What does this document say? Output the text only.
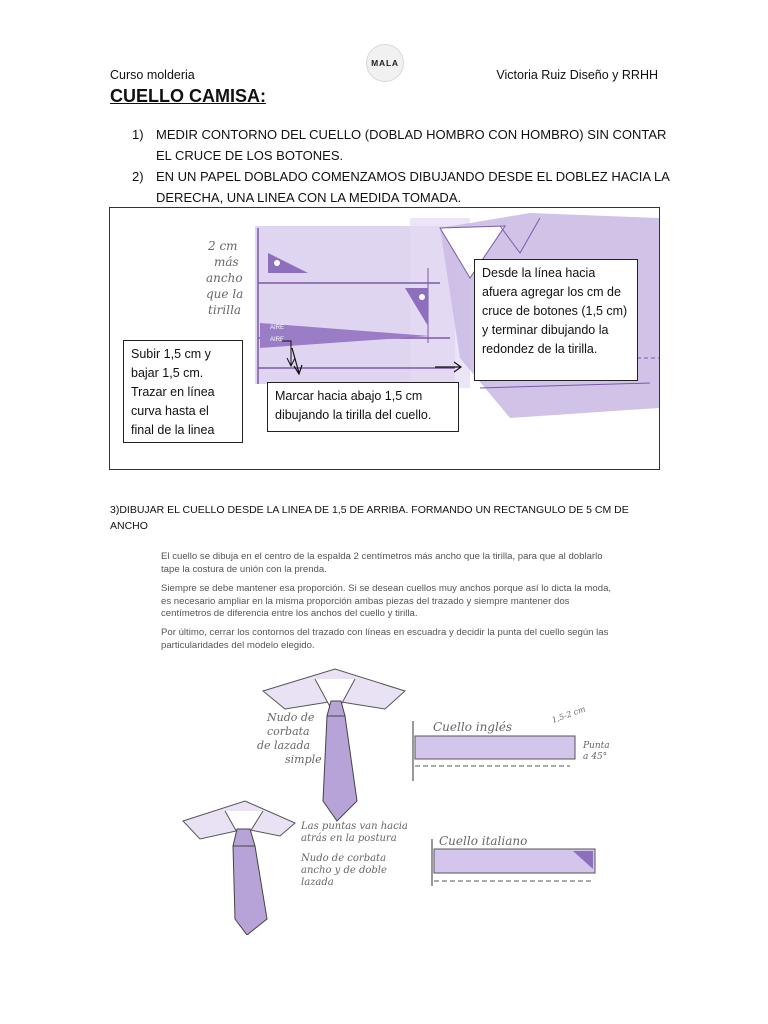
Curso molderia
MALA
Victoria Ruiz Diseño y RRHH
CUELLO CAMISA:
1) MEDIR CONTORNO DEL CUELLO (DOBLAD HOMBRO CON HOMBRO) SIN CONTAR EL CRUCE DE LOS BOTONES.
2) EN UN PAPEL DOBLADO COMENZAMOS DIBUJANDO DESDE EL DOBLEZ HACIA LA DERECHA, UNA LINEA CON LA MEDIDA TOMADA.
2 cm
más
ancho
que la
tirilla
AIRE
AIRE
Subir 1,5 cm y bajar 1,5 cm. Trazar en línea curva hasta el final de la linea
Marcar hacia abajo 1,5 cm dibujando la tirilla del cuello.
Desde la línea hacia afuera agregar los cm de cruce de botones (1,5 cm) y terminar dibujando la redondez de la tirilla.
3)DIBUJAR EL CUELLO DESDE LA LINEA DE 1,5 DE ARRIBA. FORMANDO UN RECTANGULO DE 5 CM DE ANCHO
El cuello se dibuja en el centro de la espalda 2 centímetros más ancho que la tirilla, para que al doblarlo tape la costura de unión con la prenda.
Siempre se debe mantener esa proporción. Si se desean cuellos muy anchos porque así lo dicta la moda, es necesario ampliar en la misma proporción ambas piezas del trazado y siempre mantener dos centímetros de diferencia entre los anchos del cuello y tirilla.
Por último, cerrar los contornos del trazado con líneas en escuadra y decidir la punta del cuello según las particularidades del modelo elegido.
Nudo de
corbata
de lazada
simple
Cuello inglés
1,5-2 cm
Punta
a 45°
Las puntas van hacia
atrás en la postura
Nudo de corbata
ancho y de doble
lazada
Cuello italiano
